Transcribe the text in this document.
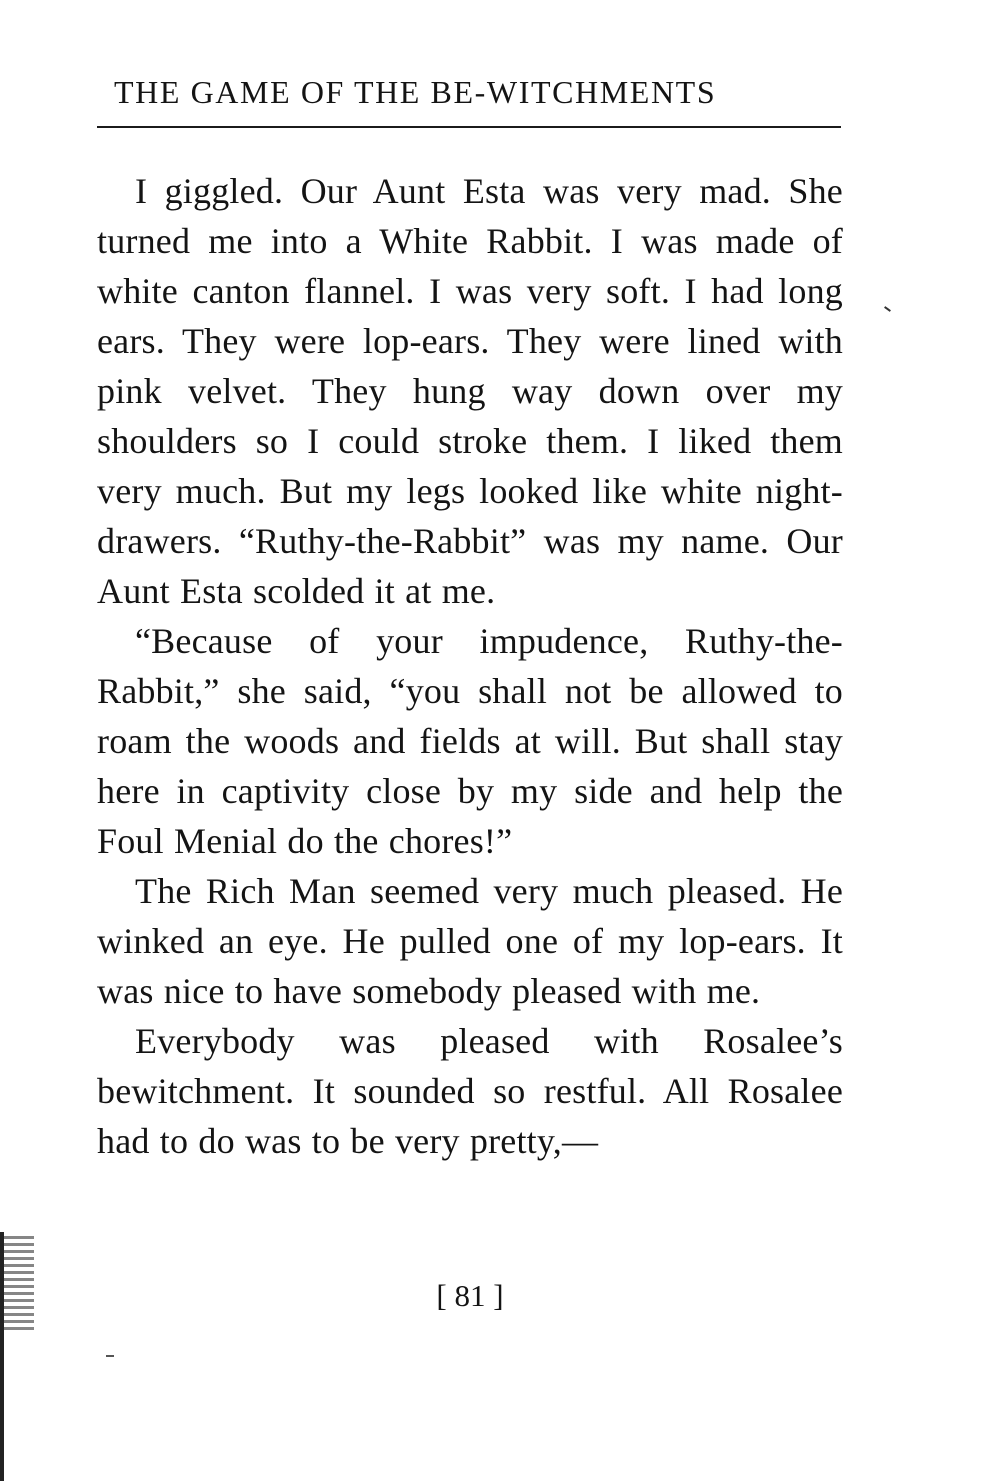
THE GAME OF THE BE-WITCHMENTS

I giggled. Our Aunt Esta was very mad. She turned me into a White Rabbit. I was made of white canton flannel. I was very soft. I had long ears. They were lop-ears. They were lined with pink velvet. They hung way down over my shoulders so I could stroke them. I liked them very much. But my legs looked like white night-drawers. “Ruthy-the-Rabbit” was my name. Our Aunt Esta scolded it at me.

“Because of your impudence, Ruthy-the-Rabbit,” she said, “you shall not be allowed to roam the woods and fields at will. But shall stay here in captivity close by my side and help the Foul Menial do the chores!”

The Rich Man seemed very much pleased. He winked an eye. He pulled one of my lop-ears. It was nice to have somebody pleased with me.

Everybody was pleased with Rosalee’s bewitchment. It sounded so restful. All Rosalee had to do was to be very pretty,—

[ 81 ]
